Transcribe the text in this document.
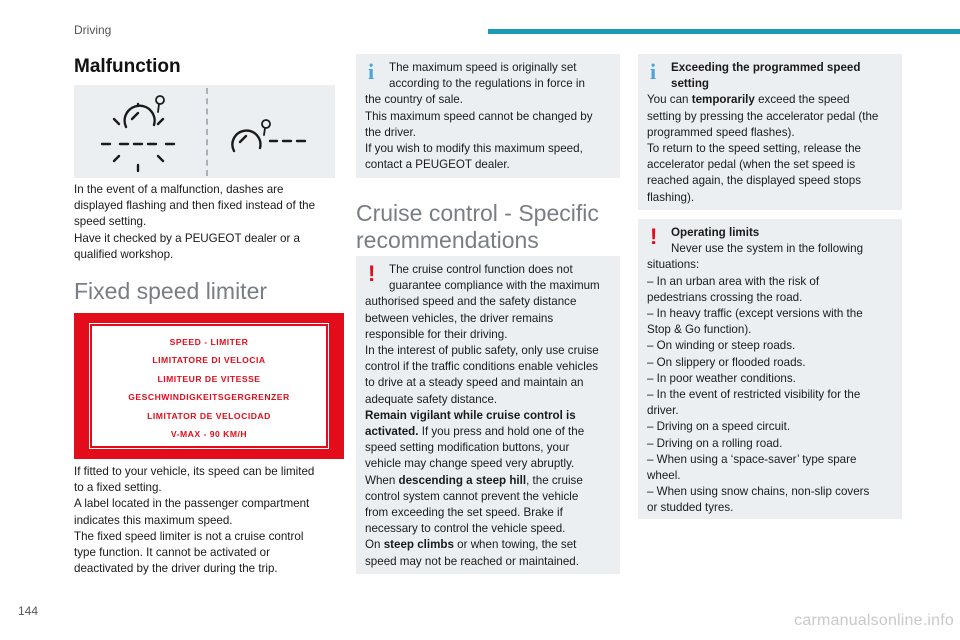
Driving
144
carmanualsonline.info
Malfunction
In the event of a malfunction, dashes are
displayed flashing and then fixed instead of the
speed setting.
Have it checked by a PEUGEOT dealer or a
qualified workshop.
Fixed speed limiter
SPEED - LIMITER
LIMITATORE DI VELOCIA
LIMITEUR DE VITESSE
GESCHWINDIGKEITSGERGRENZER
LIMITATOR DE VELOCIDAD
V-MAX - 90 KM/H
If fitted to your vehicle, its speed can be limited
to a fixed setting.
A label located in the passenger compartment
indicates this maximum speed.
The fixed speed limiter is not a cruise control
type function. It cannot be activated or
deactivated by the driver during the trip.
i	The maximum speed is originally set
according to the regulations in force in
the country of sale.
This maximum speed cannot be changed by
the driver.
If you wish to modify this maximum speed,
contact a PEUGEOT dealer.
Cruise control - Specific
recommendations
!	The cruise control function does not
guarantee compliance with the maximum
authorised speed and the safety distance
between vehicles, the driver remains
responsible for their driving.
In the interest of public safety, only use cruise
control if the traffic conditions enable vehicles
to drive at a steady speed and maintain an
adequate safety distance.
Remain vigilant while cruise control is
activated. If you press and hold one of the
speed setting modification buttons, your
vehicle may change speed very abruptly.
When descending a steep hill, the cruise
control system cannot prevent the vehicle
from exceeding the set speed. Brake if
necessary to control the vehicle speed.
On steep climbs or when towing, the set
speed may not be reached or maintained.
i	Exceeding the programmed speed
setting
You can temporarily exceed the speed
setting by pressing the accelerator pedal (the
programmed speed flashes).
To return to the speed setting, release the
accelerator pedal (when the set speed is
reached again, the displayed speed stops
flashing).
!	Operating limits
Never use the system in the following
situations:
– In an urban area with the risk of
pedestrians crossing the road.
– In heavy traffic (except versions with the
Stop & Go function).
– On winding or steep roads.
– On slippery or flooded roads.
– In poor weather conditions.
– In the event of restricted visibility for the
driver.
– Driving on a speed circuit.
– Driving on a rolling road.
– When using a ‘space-saver’ type spare
wheel.
– When using snow chains, non-slip covers
or studded tyres.
